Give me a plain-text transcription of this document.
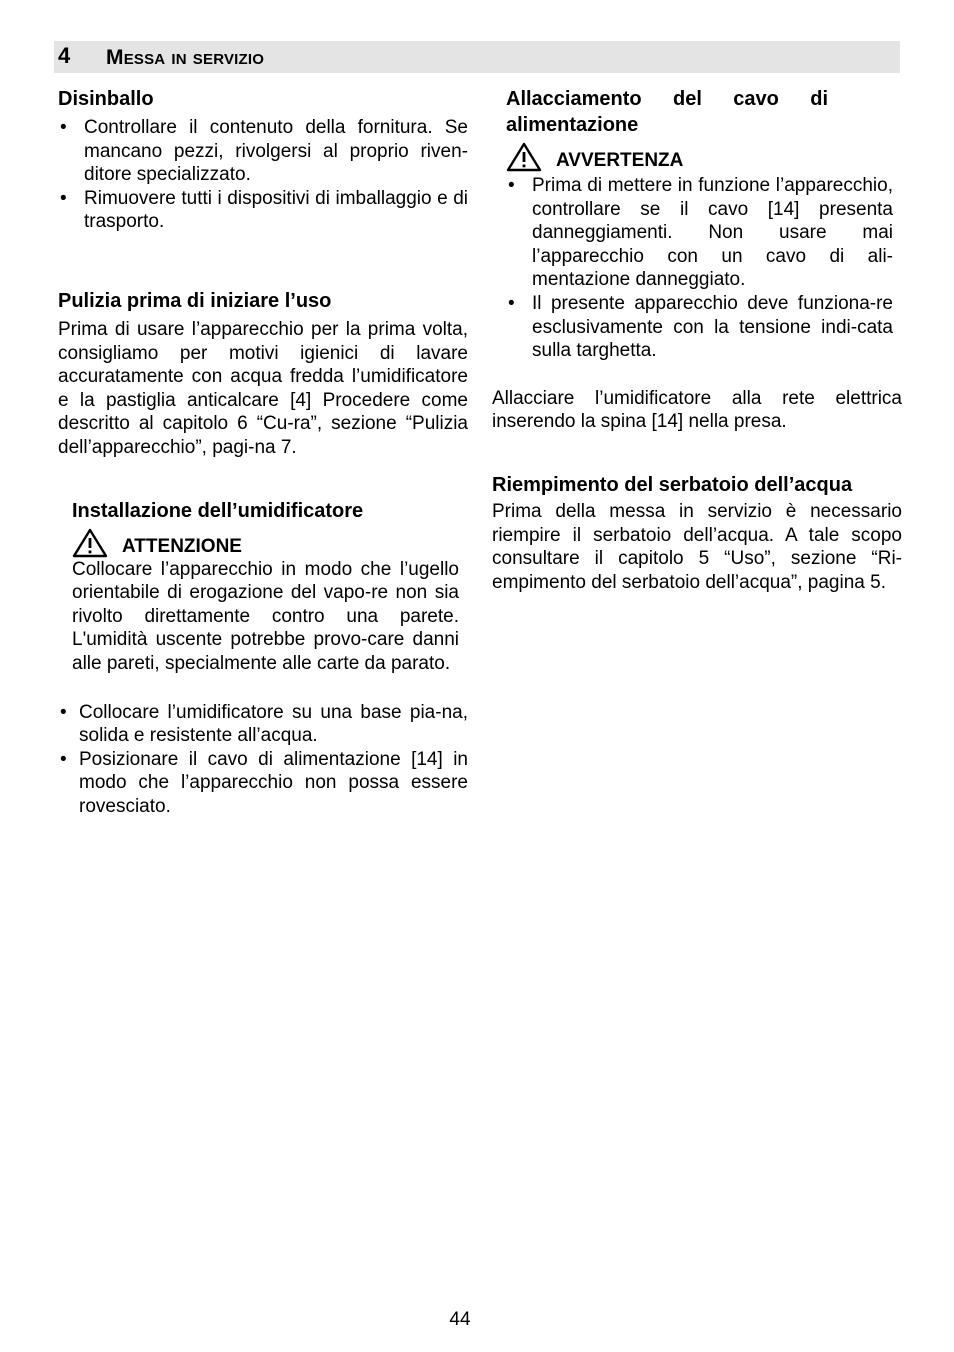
4 Messa in servizio
Disinballo
• Controllare il contenuto della fornitura. Se mancano pezzi, rivolgersi al proprio riven-ditore specializzato.
• Rimuovere tutti i dispositivi di imballaggio e di trasporto.
Pulizia prima di iniziare l’uso

Prima di usare l’apparecchio per la prima volta, consigliamo per motivi igienici di lavare accuratamente con acqua fredda l’umidificatore e la pastiglia anticalcare [4] Procedere come descritto al capitolo 6 “Cu-ra”, sezione “Pulizia dell’apparecchio”, pagi-na 7.

Installazione dell’umidificatore
ATTENZIONE

Collocare l’apparecchio in modo che l’ugello orientabile di erogazione del vapo-re non sia rivolto direttamente contro una parete. L'umidità uscente potrebbe provo-care danni alle pareti, specialmente alle carte da parato.

• Collocare l’umidificatore su una base pia-na, solida e resistente all’acqua.
• Posizionare il cavo di alimentazione [14] in modo che l’apparecchio non possa essere rovesciato.
Allacciamento del cavo di alimentazione
AVVERTENZA
• Prima di mettere in funzione l’apparecchio, controllare se il cavo [14] presenta danneggiamenti. Non usare mai l’apparecchio con un cavo di ali-mentazione danneggiato.
• Il presente apparecchio deve funziona-re esclusivamente con la tensione indi-cata sulla targhetta.

Allacciare l’umidificatore alla rete elettrica inserendo la spina [14] nella presa.

Riempimento del serbatoio dell’acqua

Prima della messa in servizio è necessario riempire il serbatoio dell’acqua. A tale scopo consultare il capitolo 5 “Uso”, sezione “Ri-empimento del serbatoio dell’acqua”, pagina 5.

44
